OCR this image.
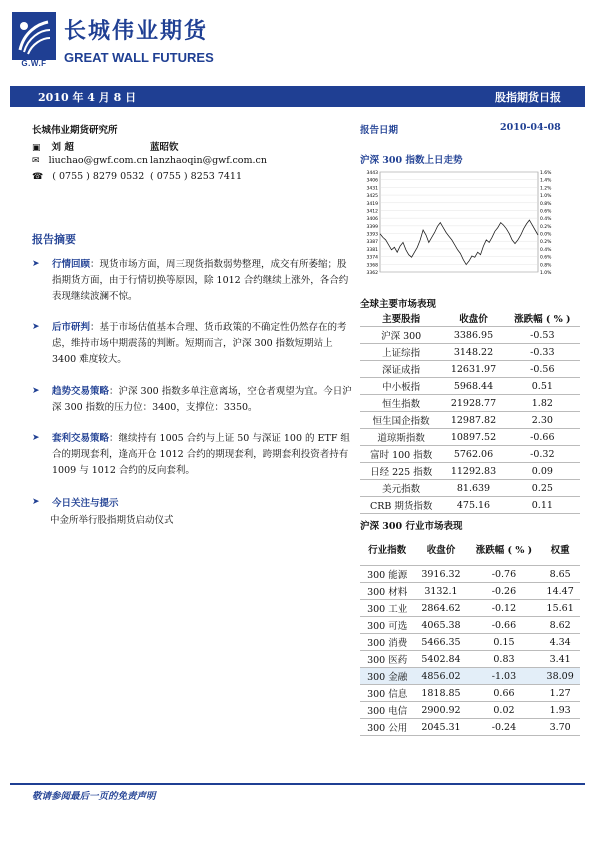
G.W.F
长城伟业期货
GREAT WALL FUTURES
2010 年 4 月 8 日	股指期货日报
长城伟业期货研究所
▣ 刘 超	蓝昭钦
✉ liuchao@gwf.com.cn lanzhaoqin@gwf.com.cn
☎ ( 0755 ) 8279 0532 ( 0755 ) 8253 7411
报告摘要
➤ 行情回顾：现货市场方面，周三现货指数弱势整理，成交有所萎缩；股指期货方面，由于行情切换等原因，除 1012 合约继续上涨外，各合约表现继续波澜不惊。
➤ 后市研判：基于市场估值基本合理、货币政策的不确定性仍然存在的考虑，维持市场中期震荡的判断。短期而言，沪深 300 指数短期站上 3400 难度较大。
➤ 趋势交易策略：沪深 300 指数多单注意离场，空仓者观望为宜。今日沪深 300 指数的压力位：3400，支撑位：3350。
➤ 套利交易策略：继续持有 1005 合约与上证 50 与深证 100 的 ETF 组合的期现套利，逢高开仓 1012 合约的期现套利，跨期套利投资者持有 1009 与 1012 合约的反向套利。
➤ 今日关注与提示
中金所举行股指期货启动仪式
报告日期	2010-04-08
沪深 300 指数上日走势
3443
3406
3431
3425
3419
3412
3406
3399
3393
3387
3381
3374
3368
3362
1.6%
1.4%
1.2%
1.0%
0.8%
0.6%
0.4%
0.2%
0.0%
0.2%
0.4%
0.6%
0.8%
1.0%
全球主要市场表现
主要股指	收盘价	涨跌幅 ( % )
沪深 300	3386.95	-0.53
上证综指	3148.22	-0.33
深证成指	12631.97	-0.56
中小板指	5968.44	0.51
恒生指数	21928.77	1.82
恒生国企指数	12987.82	2.30
道琼斯指数	10897.52	-0.66
富时 100 指数	5762.06	-0.32
日经 225 指数	11292.83	0.09
美元指数	81.639	0.25
CRB 期货指数	475.16	0.11
沪深 300 行业市场表现
行业指数	收盘价	涨跌幅 ( % )	权重
300 能源	3916.32	-0.76	8.65
300 材料	3132.1	-0.26	14.47
300 工业	2864.62	-0.12	15.61
300 可选	4065.38	-0.66	8.62
300 消费	5466.35	0.15	4.34
300 医药	5402.84	0.83	3.41
300 金融	4856.02	-1.03	38.09
300 信息	1818.85	0.66	1.27
300 电信	2900.92	0.02	1.93
300 公用	2045.31	-0.24	3.70
敬请参阅最后一页的免责声明
